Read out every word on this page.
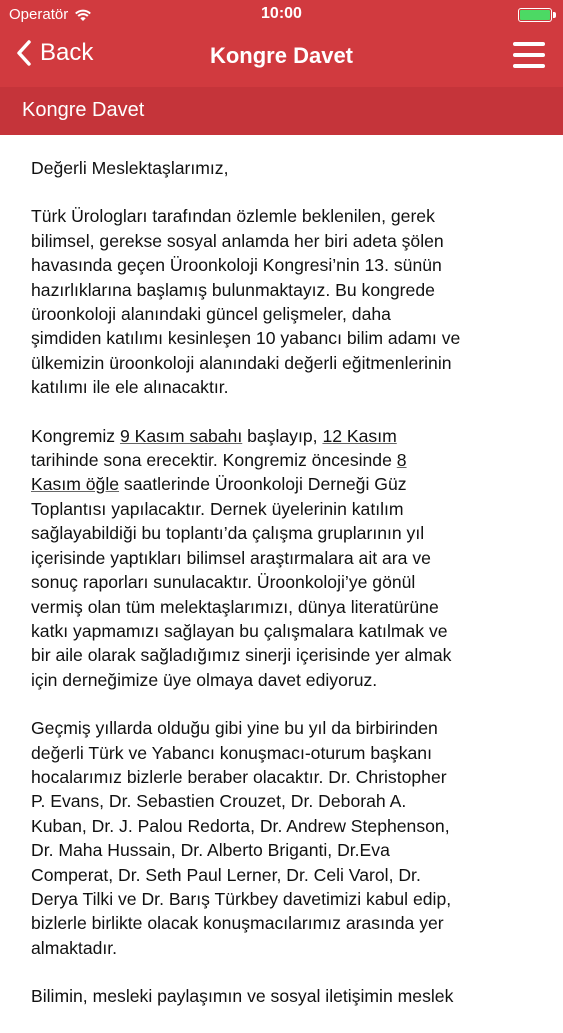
Operatör	10:00
Back	Kongre Davet
Kongre Davet

Değerli Meslektaşlarımız,

Türk Ürologları tarafından özlemle beklenilen, gerek
bilimsel, gerekse sosyal anlamda her biri adeta şölen
havasında geçen Üroonkoloji Kongresi’nin 13. sünün
hazırlıklarına başlamış bulunmaktayız. Bu kongrede
üroonkoloji alanındaki güncel gelişmeler, daha
şimdiden katılımı kesinleşen 10 yabancı bilim adamı ve
ülkemizin üroonkoloji alanındaki değerli eğitmenlerinin
katılımı ile ele alınacaktır.

Kongremiz 9 Kasım sabahı başlayıp, 12 Kasım
tarihinde sona erecektir. Kongremiz öncesinde 8
Kasım öğle saatlerinde Üroonkoloji Derneği Güz
Toplantısı yapılacaktır. Dernek üyelerinin katılım
sağlayabildiği bu toplantı’da çalışma gruplarının yıl
içerisinde yaptıkları bilimsel araştırmalara ait ara ve
sonuç raporları sunulacaktır. Üroonkoloji’ye gönül
vermiş olan tüm melektaşlarımızı, dünya literatürüne
katkı yapmamızı sağlayan bu çalışmalara katılmak ve
bir aile olarak sağladığımız sinerji içerisinde yer almak
için derneğimize üye olmaya davet ediyoruz.

Geçmiş yıllarda olduğu gibi yine bu yıl da birbirinden
değerli Türk ve Yabancı konuşmacı-oturum başkanı
hocalarımız bizlerle beraber olacaktır. Dr. Christopher
P. Evans, Dr. Sebastien Crouzet, Dr. Deborah A.
Kuban, Dr. J. Palou Redorta, Dr. Andrew Stephenson,
Dr. Maha Hussain, Dr. Alberto Briganti, Dr.Eva
Comperat, Dr. Seth Paul Lerner, Dr. Celi Varol, Dr.
Derya Tilki ve Dr. Barış Türkbey davetimizi kabul edip,
bizlerle birlikte olacak konuşmacılarımız arasında yer
almaktadır.

Bilimin, mesleki paylaşımın ve sosyal iletişimin meslek
